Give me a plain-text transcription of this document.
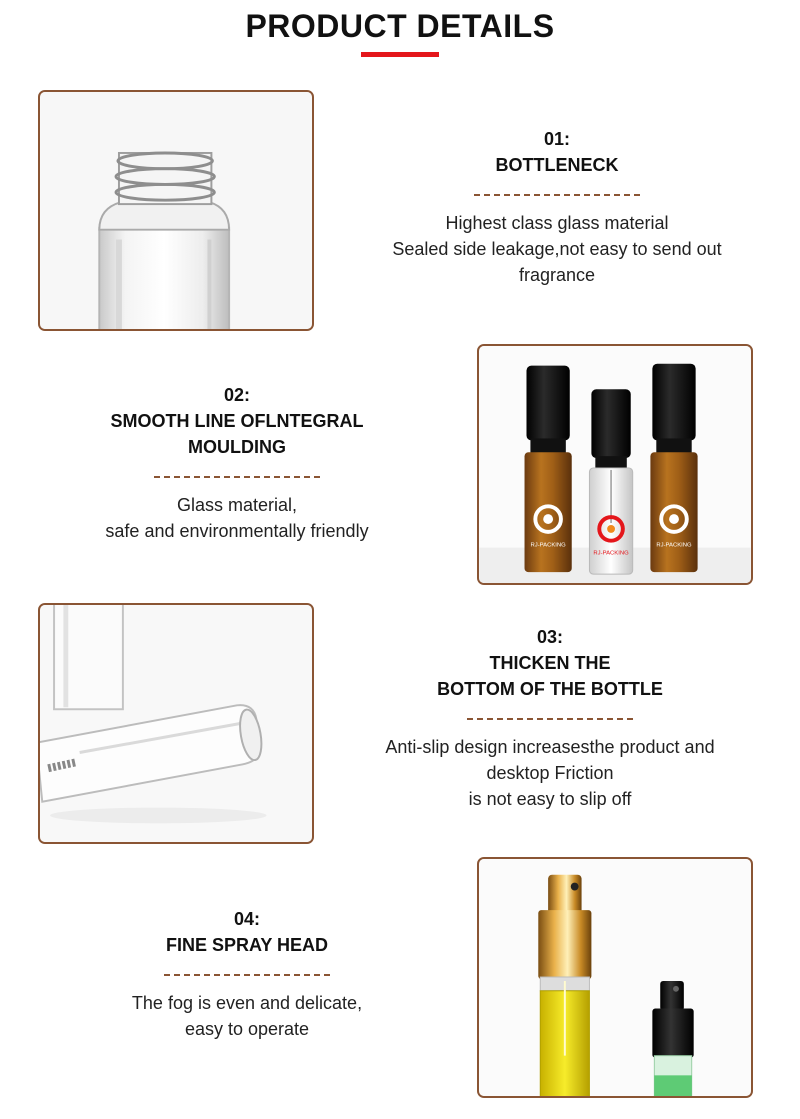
PRODUCT DETAILS
01:
BOTTLENECK
Highest class glass material
Sealed side leakage,not easy to send out
fragrance
02:
SMOOTH LINE OFLNTEGRAL
MOULDING
Glass material,
safe and environmentally friendly
RJ-PACKING
RJ-PACKING
RJ-PACKING
03:
THICKEN THE
BOTTOM OF THE BOTTLE
Anti-slip design increasesthe product and
desktop Friction
is not easy to slip off
04:
FINE SPRAY HEAD
The fog is even and delicate,
easy to operate
